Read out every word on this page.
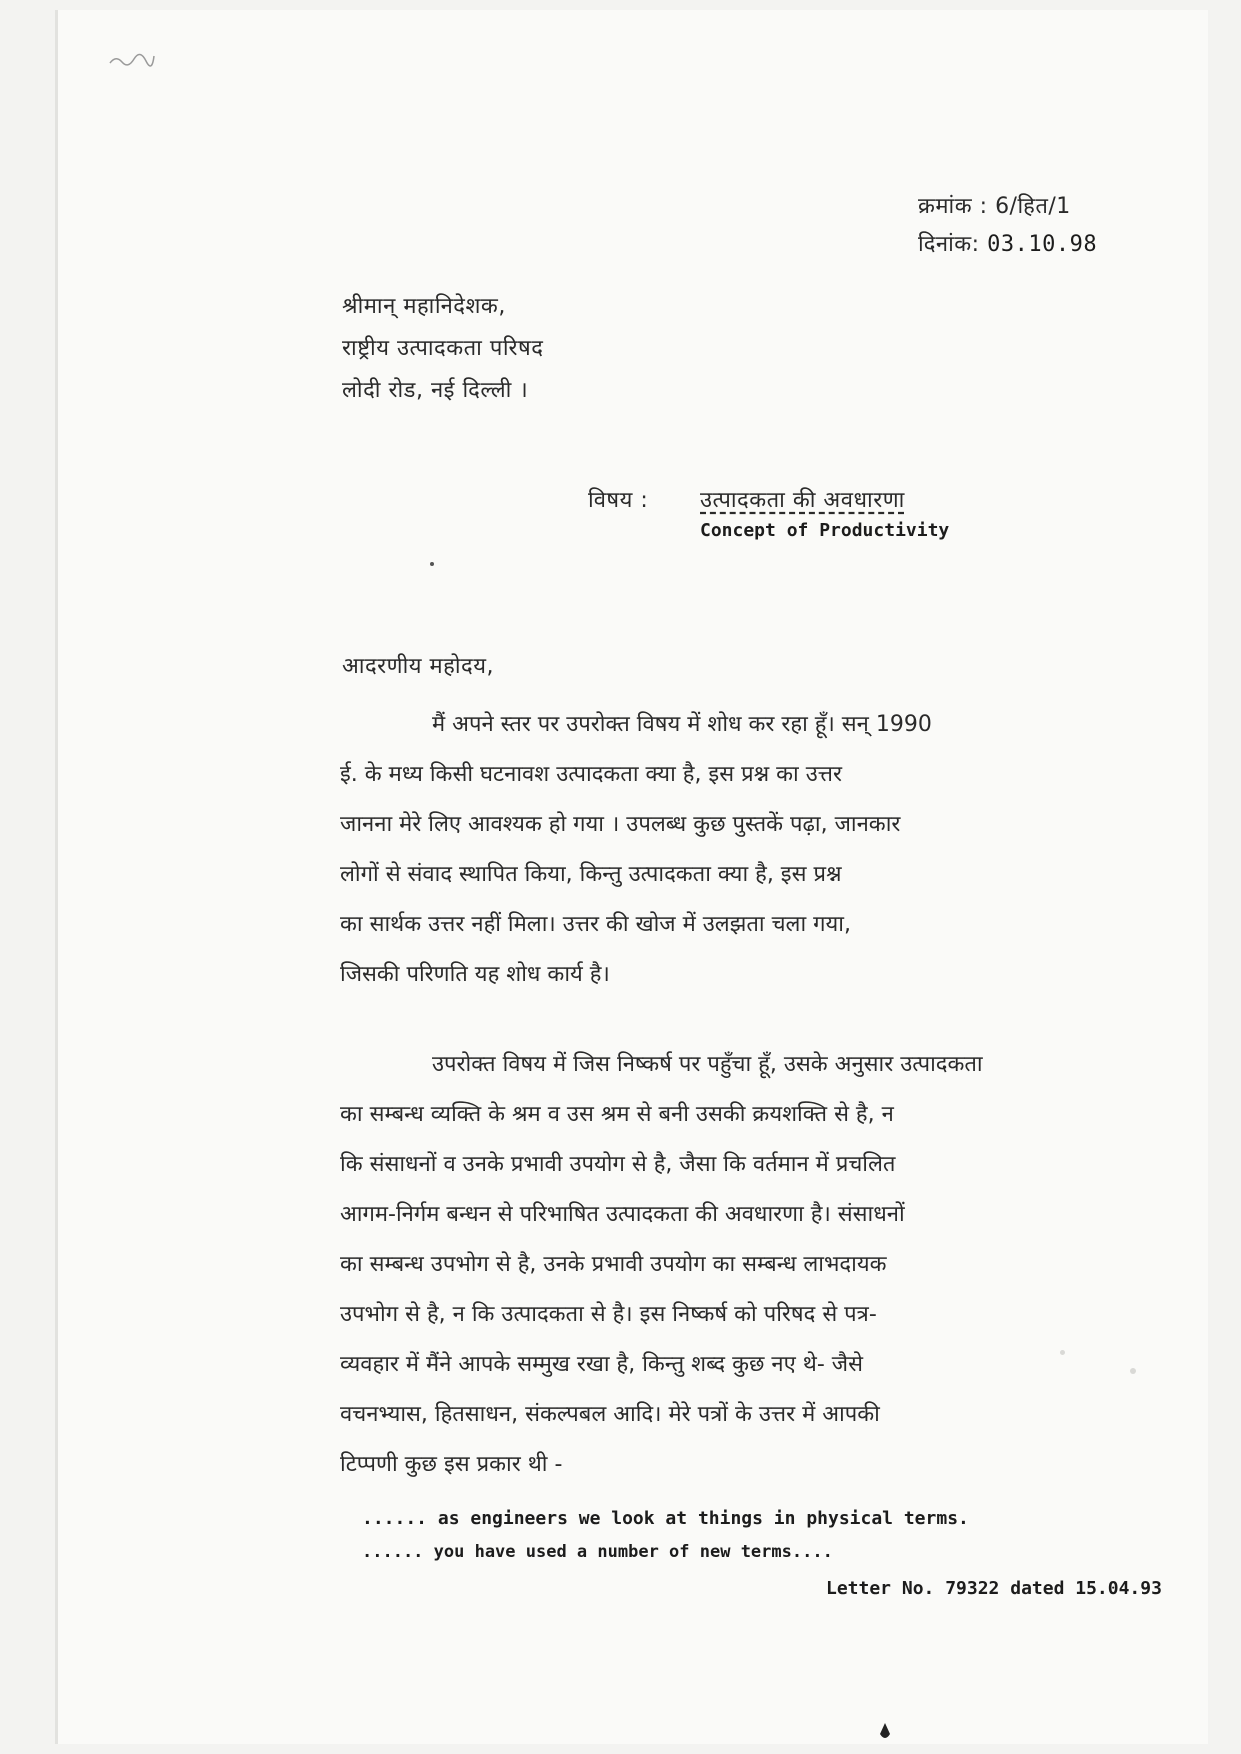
क्रमांक : 6/हित/1
दिनांक: 03.10.98
श्रीमान् महानिदेशक,
राष्ट्रीय उत्पादकता परिषद
लोदी रोड, नई दिल्ली ।
विषय : उत्पादकता की अवधारणा
Concept of Productivity
आदरणीय महोदय,
मैं अपने स्तर पर उपरोक्त विषय में शोध कर रहा हूँ। सन् 1990
ई. के मध्य किसी घटनावश उत्पादकता क्या है, इस प्रश्न का उत्तर
जानना मेरे लिए आवश्यक हो गया । उपलब्ध कुछ पुस्तकें पढ़ा, जानकार
लोगों से संवाद स्थापित किया, किन्तु उत्पादकता क्या है, इस प्रश्न
का सार्थक उत्तर नहीं मिला। उत्तर की खोज में उलझता चला गया,
जिसकी परिणति यह शोध कार्य है।
उपरोक्त विषय में जिस निष्कर्ष पर पहुँचा हूँ, उसके अनुसार उत्पादकता
का सम्बन्ध व्यक्ति के श्रम व उस श्रम से बनी उसकी क्रयशक्ति से है, न
कि संसाधनों व उनके प्रभावी उपयोग से है, जैसा कि वर्तमान में प्रचलित
आगम-निर्गम बन्धन से परिभाषित उत्पादकता की अवधारणा है। संसाधनों
का सम्बन्ध उपभोग से है, उनके प्रभावी उपयोग का सम्बन्ध लाभदायक
उपभोग से है, न कि उत्पादकता से है। इस निष्कर्ष को परिषद से पत्र-
व्यवहार में मैंने आपके सम्मुख रखा है, किन्तु शब्द कुछ नए थे- जैसे
वचनभ्यास, हितसाधन, संकल्पबल आदि। मेरे पत्रों के उत्तर में आपकी
टिप्पणी कुछ इस प्रकार थी -
...... as engineers we look at things in physical terms.
...... you have used a number of new terms....
Letter No. 79322 dated 15.04.93
